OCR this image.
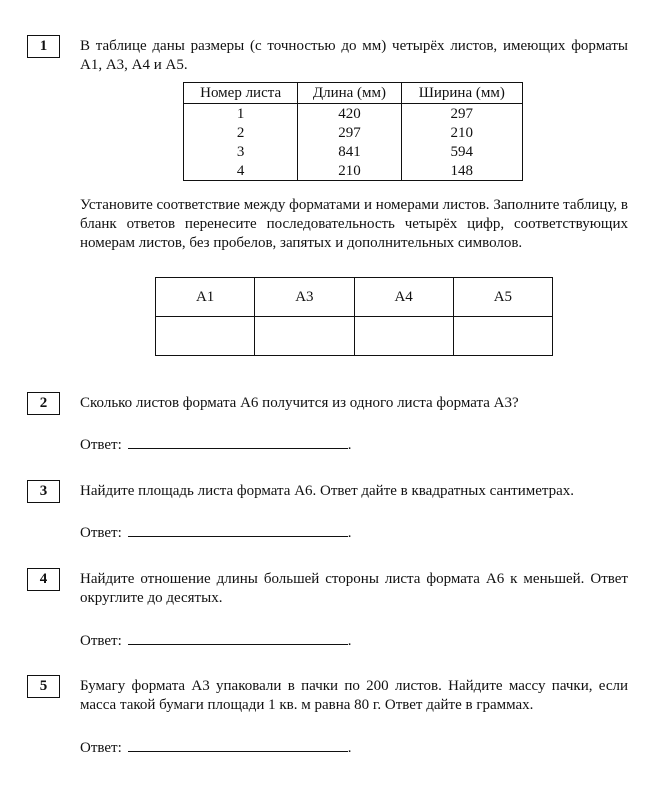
1	В таблице даны размеры (с точностью до мм) четырёх листов, имеющих форматы А1, А3, А4 и А5.
Номер листа	Длина (мм)	Ширина (мм)
1	420	297
2	297	210
3	841	594
4	210	148
Установите соответствие между форматами и номерами листов. Заполните таблицу, в бланк ответов перенесите последовательность четырёх цифр, соответствующих номерам листов, без пробелов, запятых и дополнительных символов.
А1	А3	А4	А5

2	Сколько листов формата А6 получится из одного листа формата А3?
Ответ:	.
3	Найдите площадь листа формата А6. Ответ дайте в квадратных сантиметрах.
Ответ:	.
4	Найдите отношение длины большей стороны листа формата А6 к меньшей. Ответ округлите до десятых.
Ответ:	.
5	Бумагу формата А3 упаковали в пачки по 200 листов. Найдите массу пачки, если масса такой бумаги площади 1 кв. м равна 80 г. Ответ дайте в граммах.
Ответ:	.
